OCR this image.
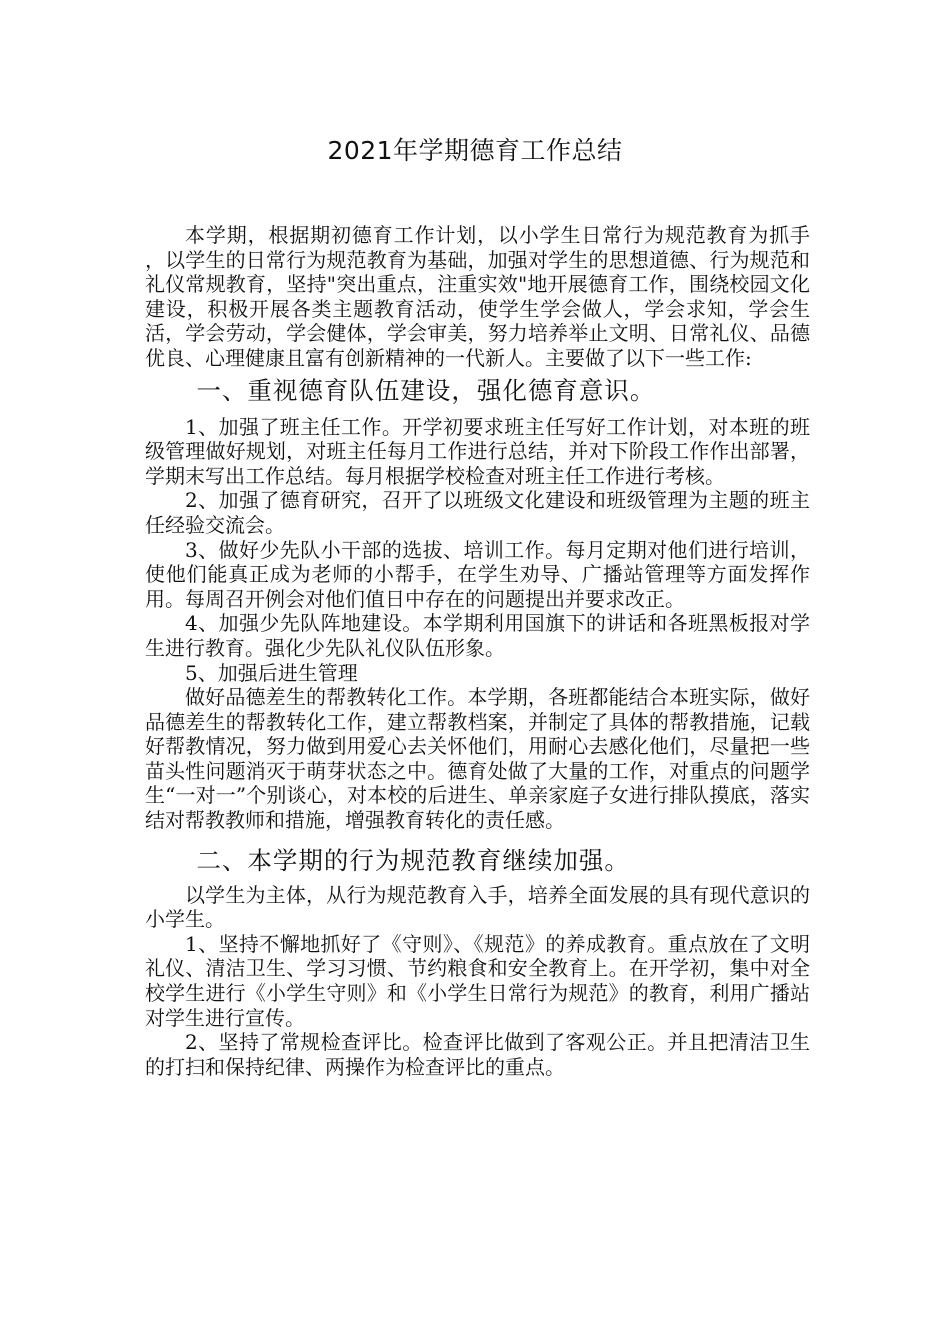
2021年学期德育工作总结

本学期，根据期初德育工作计划，以小学生日常行为规范教育为抓手 ，以学生的日常行为规范教育为基础，加强对学生的思想道德、行为规范和礼仪常规教育，坚持"突出重点，注重实效"地开展德育工作，围绕校园文化建设，积极开展各类主题教育活动，使学生学会做人，学会求知，学会生活，学会劳动，学会健体，学会审美，努力培养举止文明、日常礼仪、品德优良、心理健康且富有创新精神的一代新人。主要做了以下一些工作:

一、重视德育队伍建设，强化德育意识。

1、加强了班主任工作。开学初要求班主任写好工作计划，对本班的班级管理做好规划，对班主任每月工作进行总结，并对下阶段工作作出部署，学期末写出工作总结。每月根据学校检查对班主任工作进行考核。

2、加强了德育研究，召开了以班级文化建设和班级管理为主题的班主任经验交流会。

3、做好少先队小干部的选拔、培训工作。每月定期对他们进行培训，使他们能真正成为老师的小帮手，在学生劝导、广播站管理等方面发挥作用。每周召开例会对他们值日中存在的问题提出并要求改正。

4、加强少先队阵地建设。本学期利用国旗下的讲话和各班黑板报对学生进行教育。强化少先队礼仪队伍形象。

5、加强后进生管理

做好品德差生的帮教转化工作。本学期，各班都能结合本班实际，做好品德差生的帮教转化工作，建立帮教档案，并制定了具体的帮教措施，记载好帮教情况，努力做到用爱心去关怀他们，用耐心去感化他们，尽量把一些苗头性问题消灭于萌芽状态之中。德育处做了大量的工作，对重点的问题学生“一对一”个别谈心，对本校的后进生、单亲家庭子女进行排队摸底，落实结对帮教教师和措施，增强教育转化的责任感。

二、本学期的行为规范教育继续加强。

以学生为主体，从行为规范教育入手，培养全面发展的具有现代意识的小学生。

1、坚持不懈地抓好了《守则》、《规范》的养成教育。重点放在了文明礼仪、清洁卫生、学习习惯、节约粮食和安全教育上。在开学初，集中对全校学生进行《小学生守则》和《小学生日常行为规范》的教育，利用广播站对学生进行宣传。

2、坚持了常规检查评比。检查评比做到了客观公正。并且把清洁卫生的打扫和保持纪律、两操作为检查评比的重点。
